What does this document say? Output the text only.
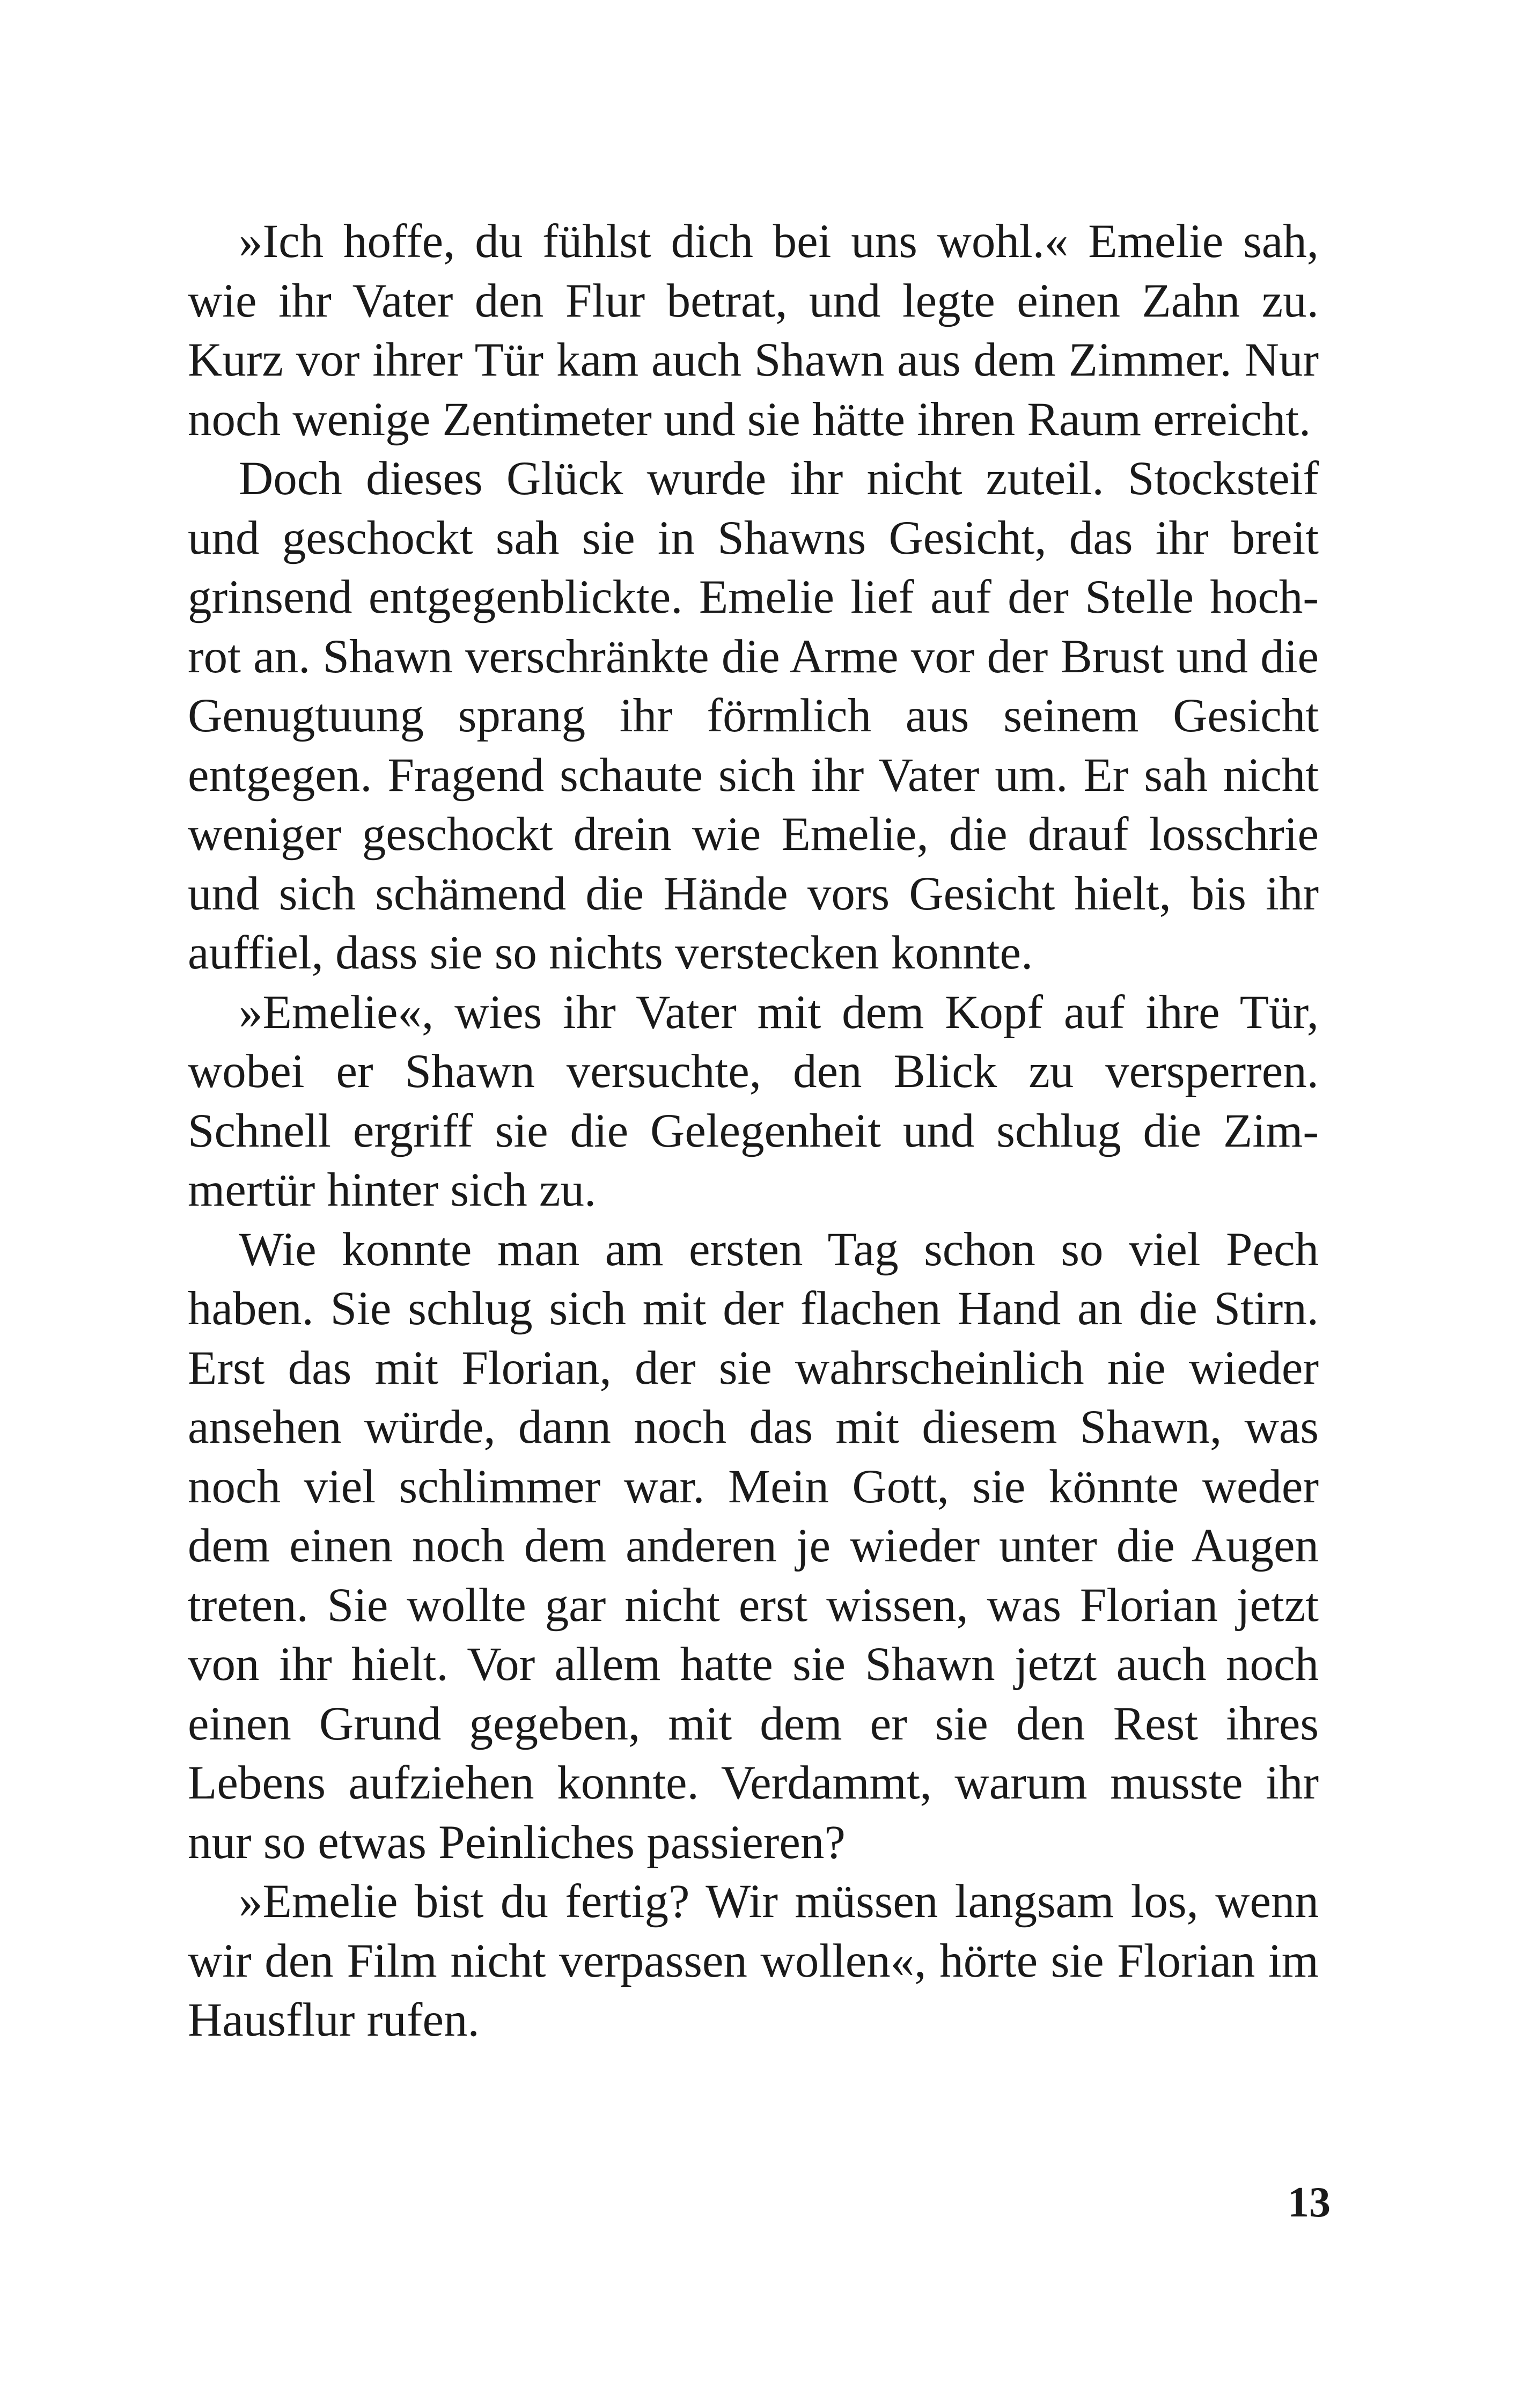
»Ich hoffe, du fühlst dich bei uns wohl.« Emelie sah, wie ihr Vater den Flur betrat, und legte einen Zahn zu. Kurz vor ihrer Tür kam auch Shawn aus dem Zimmer. Nur noch wenige Zentimeter und sie hätte ihren Raum erreicht.

Doch dieses Glück wurde ihr nicht zuteil. Stocksteif und geschockt sah sie in Shawns Gesicht, das ihr breit grinsend entgegenblickte. Emelie lief auf der Stelle hochrot an. Shawn verschränkte die Arme vor der Brust und die Genugtuung sprang ihr förmlich aus seinem Gesicht entgegen. Fragend schaute sich ihr Vater um. Er sah nicht weniger geschockt drein wie Emelie, die drauf losschrie und sich schämend die Hände vors Gesicht hielt, bis ihr auffiel, dass sie so nichts verstecken konnte.

»Emelie«, wies ihr Vater mit dem Kopf auf ihre Tür, wobei er Shawn versuchte, den Blick zu versperren. Schnell ergriff sie die Gelegenheit und schlug die Zimmertür hinter sich zu.

Wie konnte man am ersten Tag schon so viel Pech haben. Sie schlug sich mit der flachen Hand an die Stirn. Erst das mit Florian, der sie wahrscheinlich nie wieder ansehen würde, dann noch das mit diesem Shawn, was noch viel schlimmer war. Mein Gott, sie könnte weder dem einen noch dem anderen je wieder unter die Augen treten. Sie wollte gar nicht erst wissen, was Florian jetzt von ihr hielt. Vor allem hatte sie Shawn jetzt auch noch einen Grund gegeben, mit dem er sie den Rest ihres Lebens aufziehen konnte. Verdammt, warum musste ihr nur so etwas Peinliches passieren?

»Emelie bist du fertig? Wir müssen langsam los, wenn wir den Film nicht verpassen wollen«, hörte sie Florian im Hausflur rufen.

13
